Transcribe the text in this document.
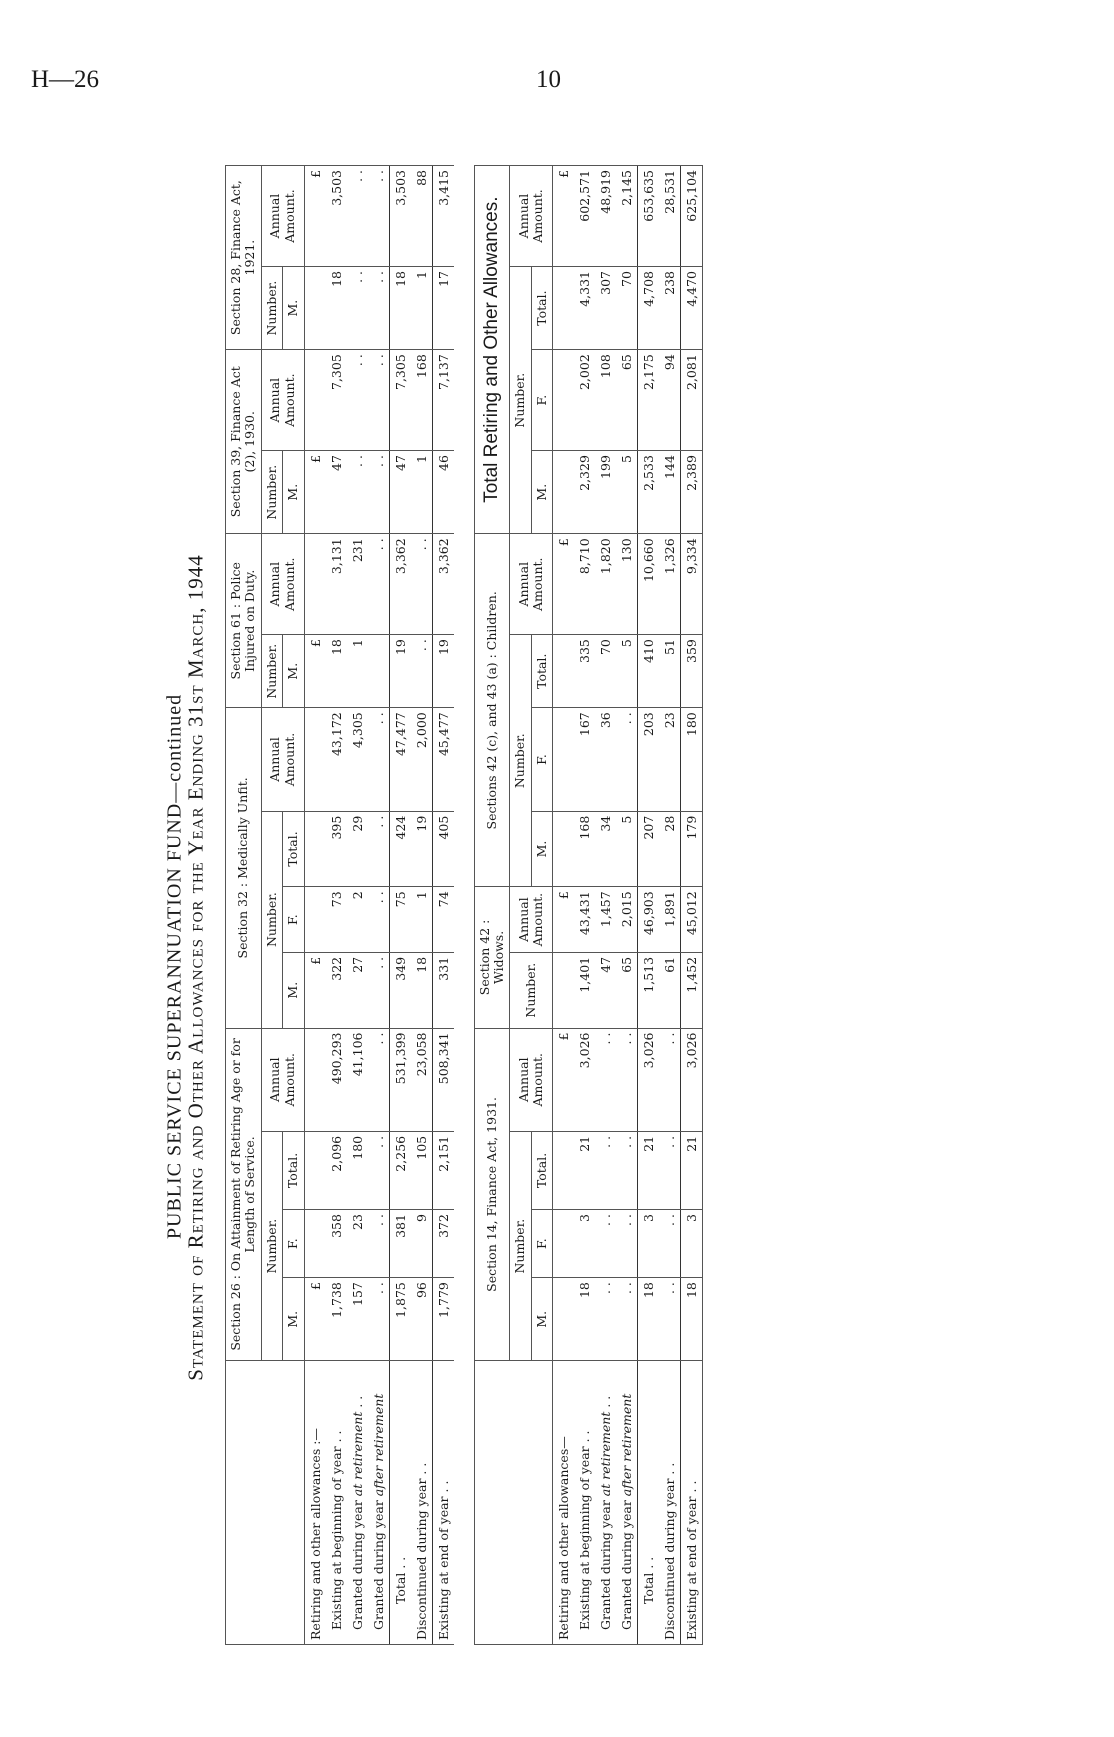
H—26	10
PUBLIC SERVICE SUPERANNUATION FUND—continued
Statement of Retiring and Other Allowances for the Year Ending 31st March, 1944
	Section 26 : On Attainment of Retiring Age or for Length of Service.				Section 32 : Medically Unfit.				Section 61 : Police Injured on Duty.		Section 39, Finance Act (2), 1930.		Section 28, Finance Act, 1921.	
	Number.			Annual Amount.	Number.			Annual Amount.	Number.	Annual Amount.	Number.	Annual Amount.	Number.	Annual Amount.
	M.	F.	Total.		M.	F.	Total.		M.		M.		M.	
Retiring and other allowances :—	£				£				£		£			£
Existing at beginning of year . .	1,738	358	2,096	490,293	322	73	395	43,172	18	3,131	47	7,305	18	3,503
Granted during year at retirement . .	157	23	180	41,106	27	2	29	4,305	1	231	. .	. .	. .	. .
Granted during year after retirement	. .	. .	. .	. .	. .	. .	. .	. .		. .	. .	. .	. .	. .
Total . .	1,875	381	2,256	531,399	349	75	424	47,477	19	3,362	47	7,305	18	3,503
Discontinued during year . .	96	9	105	23,058	18	1	19	2,000	. .	. .	1	168	1	88
Existing at end of year . .	1,779	372	2,151	508,341	331	74	405	45,477	19	3,362	46	7,137	17	3,415

	Section 14, Finance Act, 1931.				Section 42 : Widows.		Sections 42 (c), and 43 (a) : Children.				Total Retiring and Other Allowances.			
	Number.			Annual Amount.	Number.	Annual Amount.	Number.			Annual Amount.	Number.			Annual Amount.
	M.	F.	Total.				M.	F.	Total.		M.	F.	Total.	
Retiring and other allowances—				£		£				£				£
Existing at beginning of year . .	18	3	21	3,026	1,401	43,431	168	167	335	8,710	2,329	2,002	4,331	602,571
Granted during year at retirement . .	. .	. .	. .	. .	47	1,457	34	36	70	1,820	199	108	307	48,919
Granted during year after retirement	. .	. .	. .	. .	65	2,015	5	. .	5	130	5	65	70	2,145
Total . .	18	3	21	3,026	1,513	46,903	207	203	410	10,660	2,533	2,175	4,708	653,635
Discontinued during year . .	. .	. .	. .	. .	61	1,891	28	23	51	1,326	144	94	238	28,531
Existing at end of year . .	18	3	21	3,026	1,452	45,012	179	180	359	9,334	2,389	2,081	4,470	625,104
